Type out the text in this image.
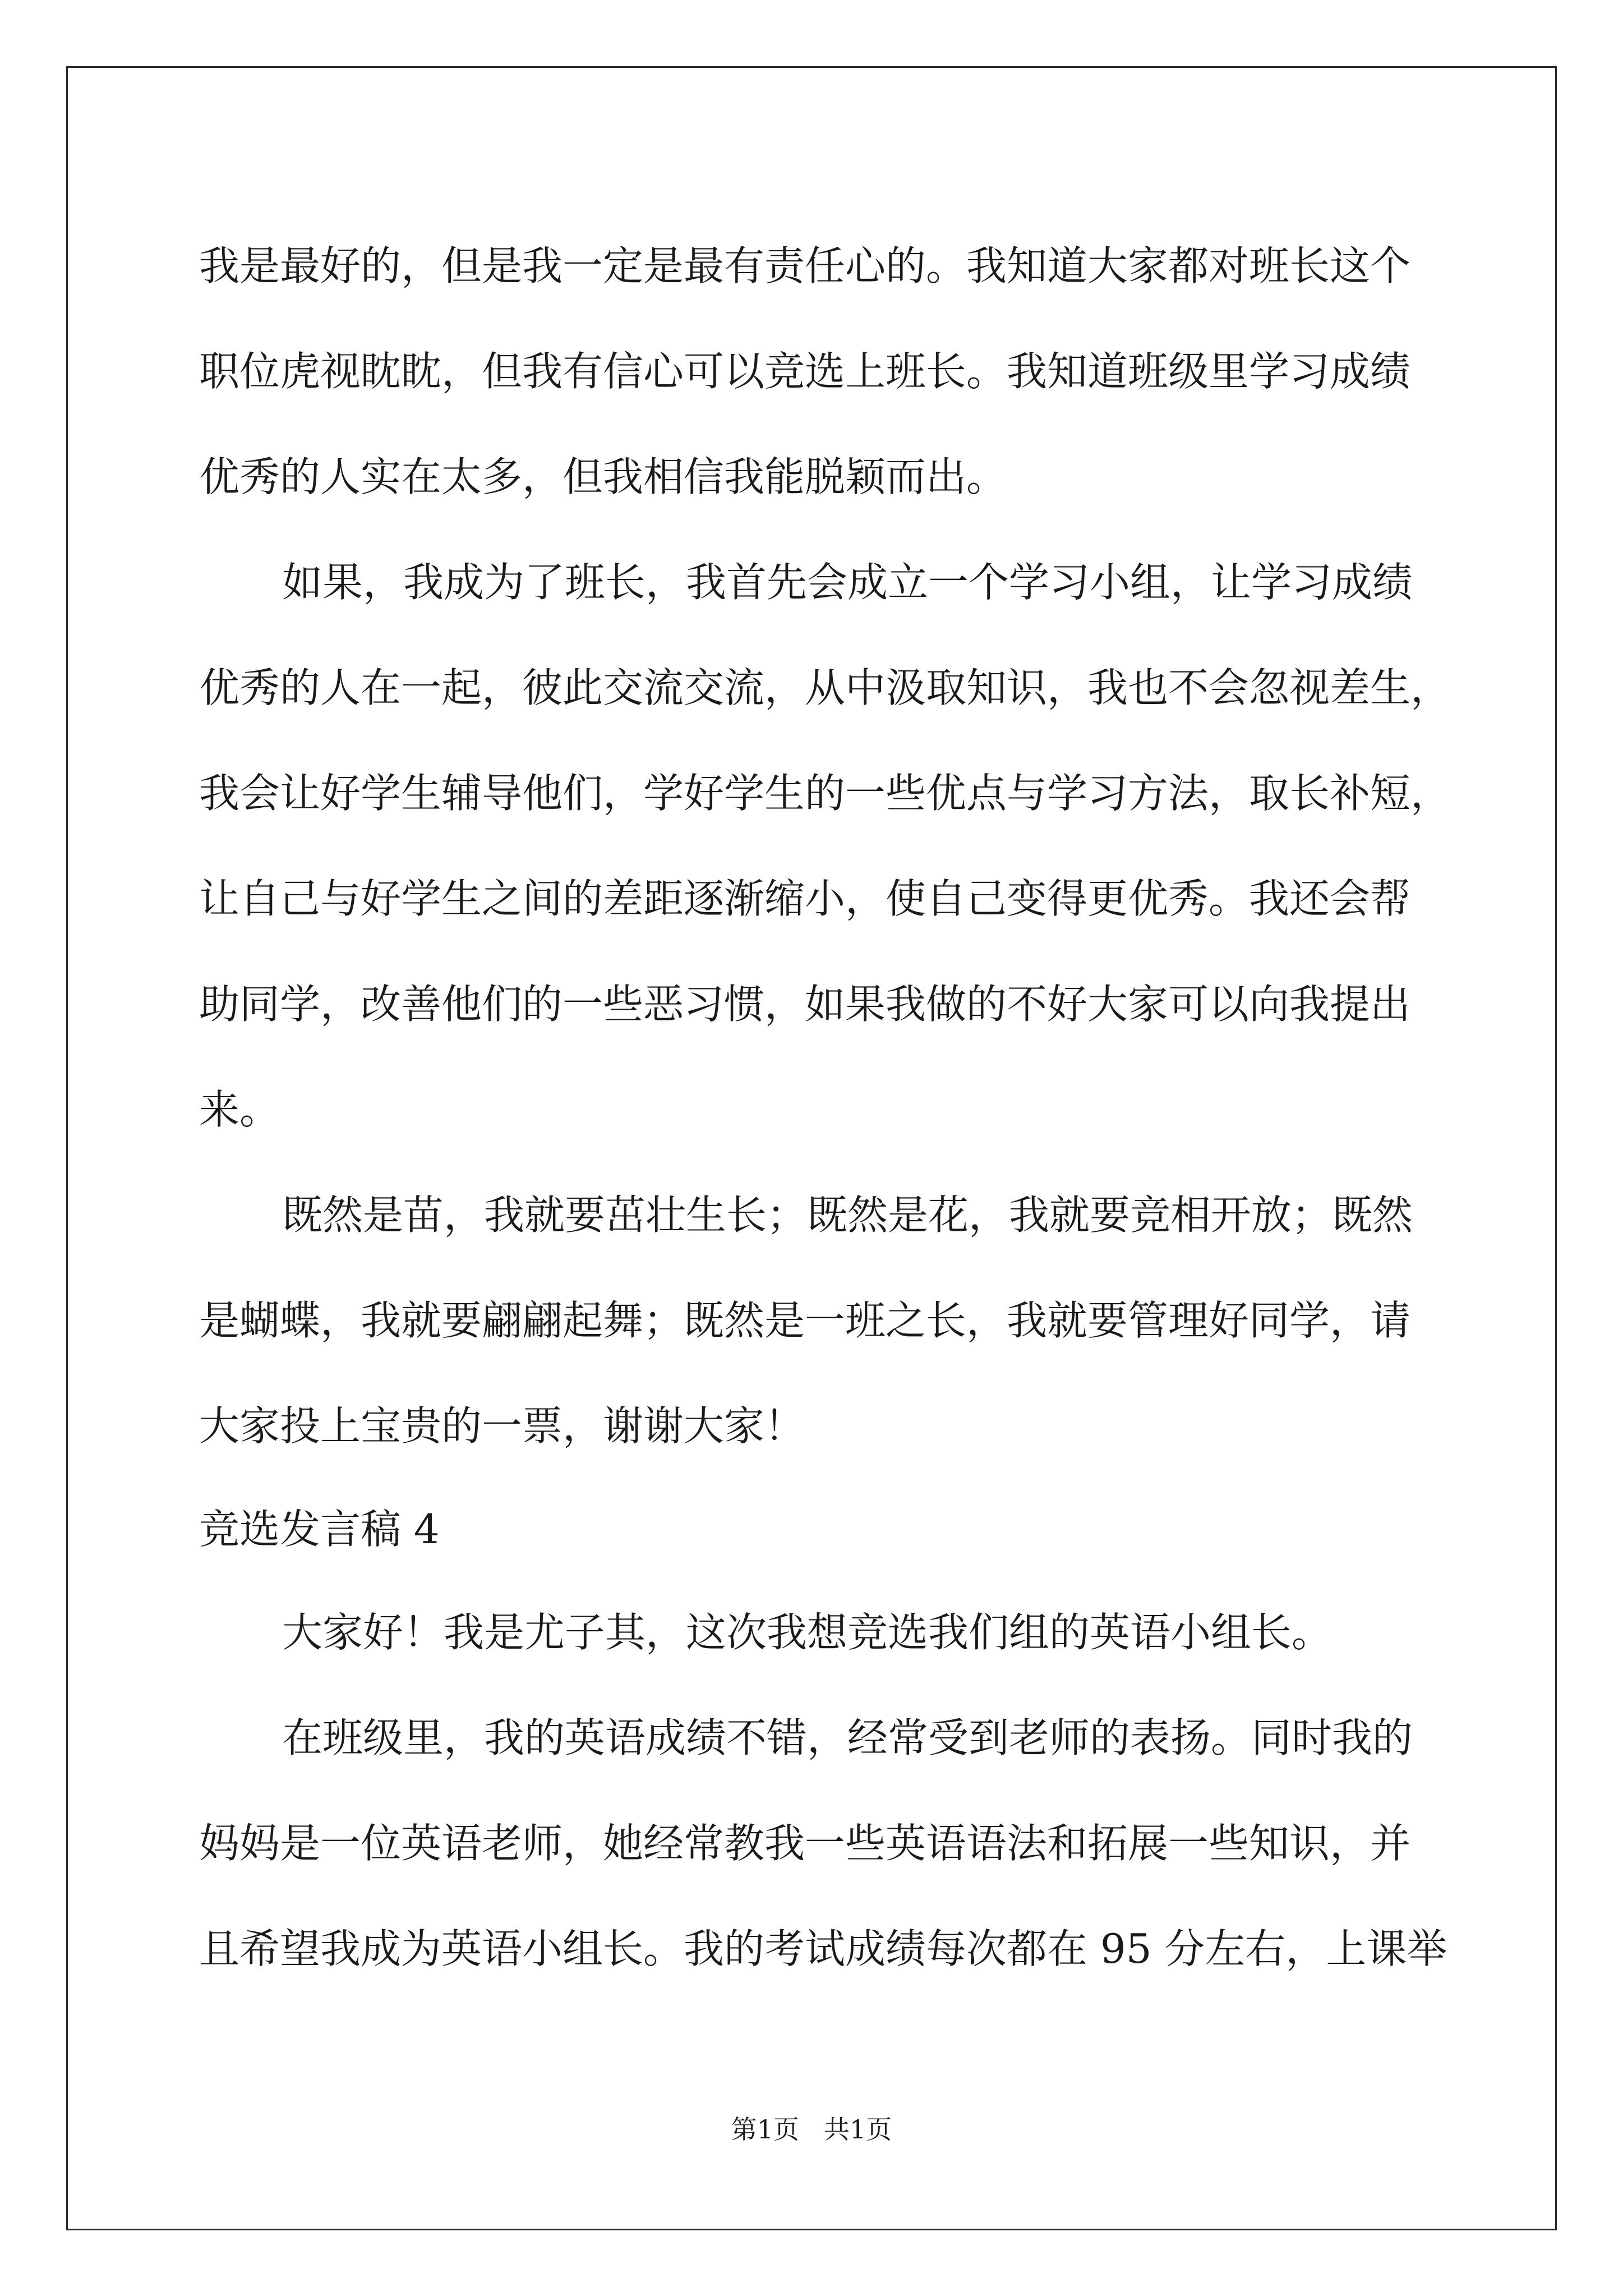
我是最好的，但是我一定是最有责任心的。我知道大家都对班长这个
职位虎视眈眈，但我有信心可以竞选上班长。我知道班级里学习成绩
优秀的人实在太多，但我相信我能脱颖而出。
如果，我成为了班长，我首先会成立一个学习小组，让学习成绩
优秀的人在一起，彼此交流交流，从中汲取知识，我也不会忽视差生，
我会让好学生辅导他们，学好学生的一些优点与学习方法，取长补短，
让自己与好学生之间的差距逐渐缩小，使自己变得更优秀。我还会帮
助同学，改善他们的一些恶习惯，如果我做的不好大家可以向我提出
来。
既然是苗，我就要茁壮生长；既然是花，我就要竞相开放；既然
是蝴蝶，我就要翩翩起舞；既然是一班之长，我就要管理好同学，请
大家投上宝贵的一票，谢谢大家！
竞选发言稿 4
大家好！我是尤子其，这次我想竞选我们组的英语小组长。
在班级里，我的英语成绩不错，经常受到老师的表扬。同时我的
妈妈是一位英语老师，她经常教我一些英语语法和拓展一些知识，并
且希望我成为英语小组长。我的考试成绩每次都在 95 分左右，上课举
第1页 共1页
